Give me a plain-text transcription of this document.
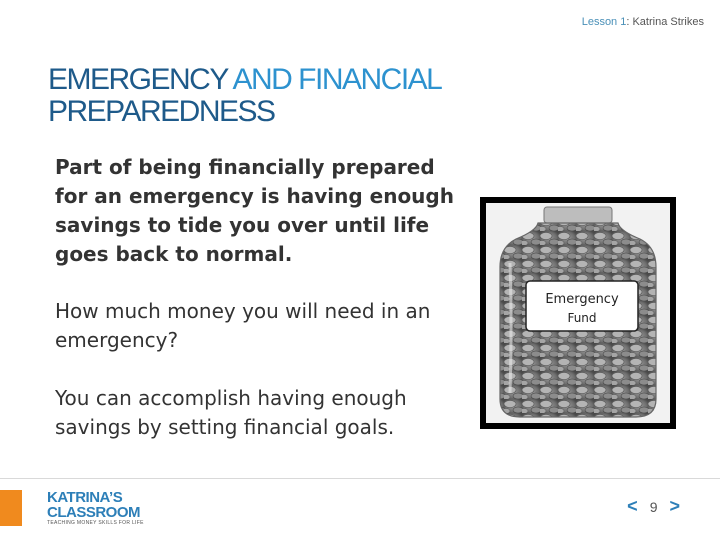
Lesson 1: Katrina Strikes
EMERGENCY AND FINANCIAL
PREPAREDNESS

Part of being financially prepared for an emergency is having enough savings to tide you over until life goes back to normal.

How much money you will need in an emergency?

You can accomplish having enough savings by setting financial goals.

Emergency
Fund
KATRINA’S
CLASSROOM
TEACHING MONEY SKILLS FOR LIFE
< 9 >
